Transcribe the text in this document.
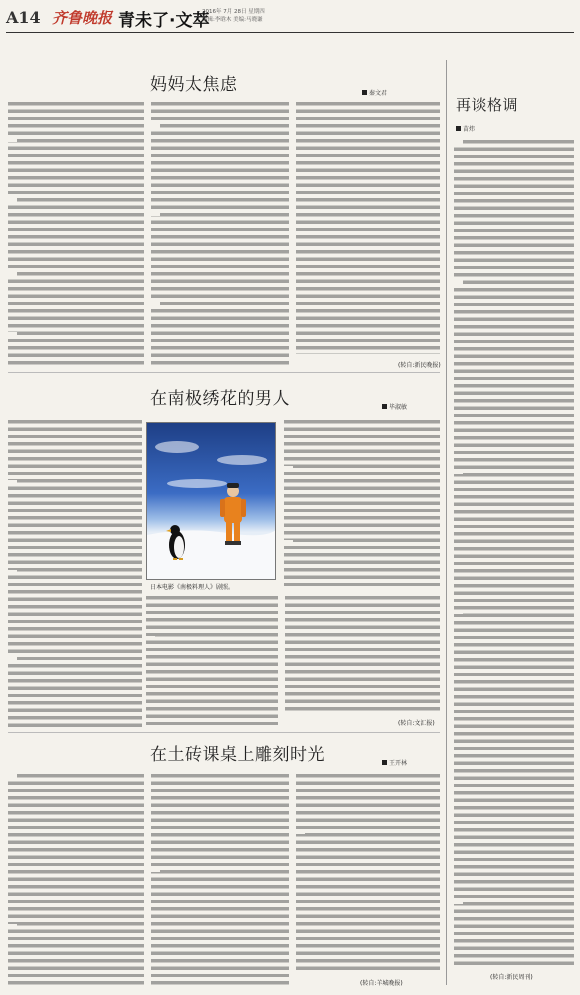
A14 齐鲁晚报 青未了·文萃
2016年 7月 28日 星期四
编辑:李晗木 美编:马晓谦
妈妈太焦虑	秦文君
(转自:新民晚报)
在南极绣花的男人	毕淑敏
日本电影《南极料理人》剧照。
(转自:文汇报)
在土砖课桌上雕刻时光	王开林
(转自:羊城晚报)
再谈格调
苗炜
(转自:新民周刊)
